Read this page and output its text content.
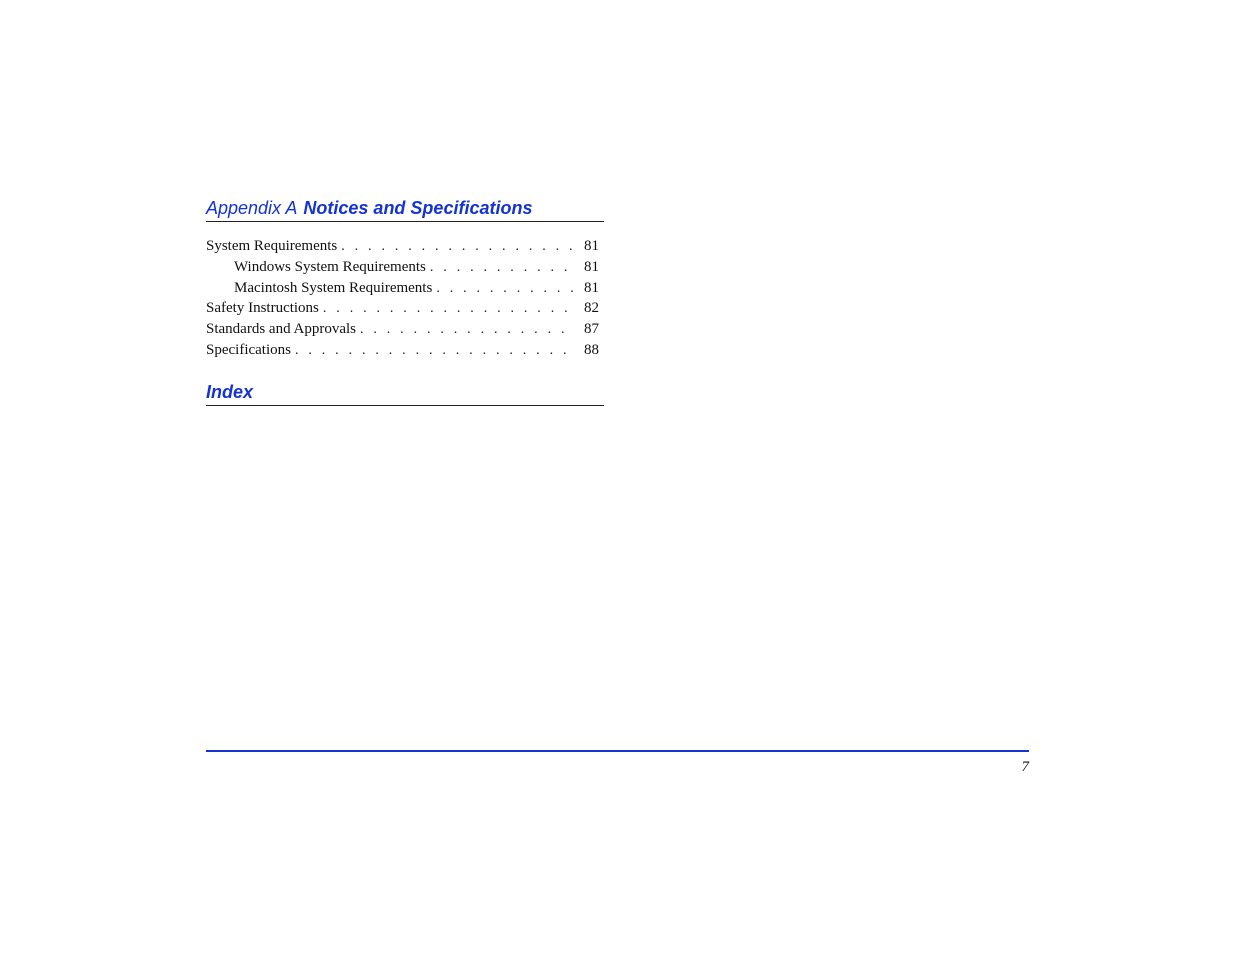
Appendix A Notices and Specifications
System Requirements . . .	81
Windows System Requirements . . .	81
Macintosh System Requirements . . .	81
Safety Instructions . . .	82
Standards and Approvals . . .	87
Specifications . . .	88
Index
7
